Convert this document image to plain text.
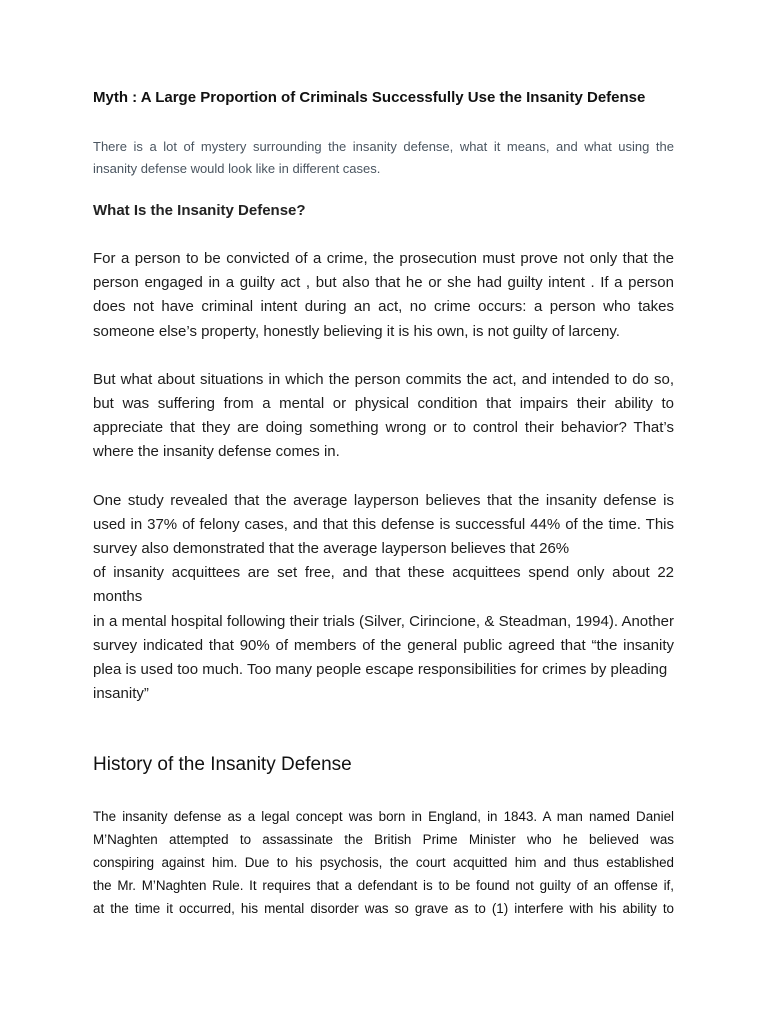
Myth : A Large Proportion of Criminals Successfully Use the Insanity Defense

There is a lot of mystery surrounding the insanity defense, what it means, and what using the insanity defense would look like in different cases.

What Is the Insanity Defense?

For a person to be convicted of a crime, the prosecution must prove not only that the
person engaged in a guilty act , but also that he or she had guilty intent . If a person
does not have criminal intent during an act, no crime occurs: a person who takes
someone else’s property, honestly believing it is his own, is not guilty of larceny.

But what about situations in which the person commits the act, and intended to do so,
but was suffering from a mental or physical condition that impairs their ability to
appreciate that they are doing something wrong or to control their behavior? That’s
where the insanity defense comes in.

One study revealed that the average layperson believes that the insanity defense is
used in 37% of felony cases, and that this defense is successful 44% of the time. This
survey also demonstrated that the average layperson believes that 26%
of insanity acquittees are set free, and that these acquittees spend only about 22 months
in a mental hospital following their trials (Silver, Cirincione, & Steadman, 1994). Another
survey indicated that 90% of members of the general public agreed that “the insanity
plea is used too much. Too many people escape responsibilities for crimes by pleading
insanity”

History of the Insanity Defense

The insanity defense as a legal concept was born in England, in 1843. A man named Daniel
M’Naghten attempted to assassinate the British Prime Minister who he believed was
conspiring against him. Due to his psychosis, the court acquitted him and thus established
the Mr. M’Naghten Rule. It requires that a defendant is to be found not guilty of an offense if,
at the time it occurred, his mental disorder was so grave as to (1) interfere with his ability to
